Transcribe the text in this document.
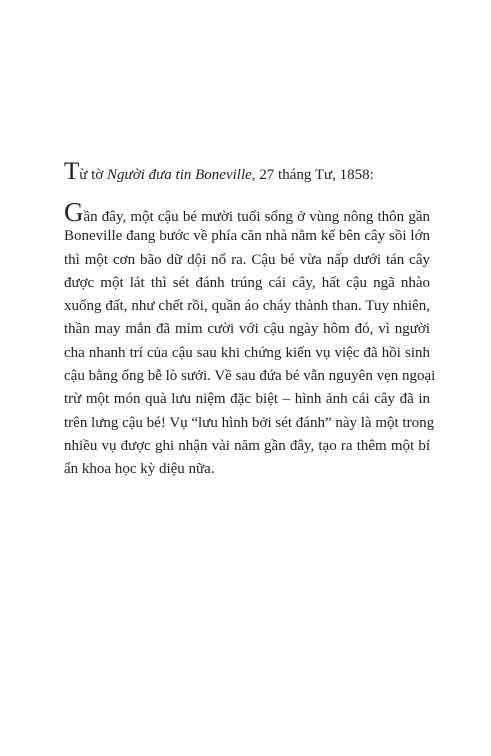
Từ tờ Người đưa tin Boneville, 27 tháng Tư, 1858:

Gần đây, một cậu bé mười tuổi sống ở vùng nông thôn gần
Boneville đang bước về phía căn nhà nằm kế bên cây sồi lớn
thì một cơn bão dữ dội nổ ra. Cậu bé vừa nấp dưới tán cây
được một lát thì sét đánh trúng cái cây, hất cậu ngã nhào
xuống đất, như chết rồi, quần áo cháy thành than. Tuy nhiên,
thần may mắn đã mỉm cười với cậu ngày hôm đó, vì người
cha nhanh trí của cậu sau khi chứng kiến vụ việc đã hồi sinh
cậu bằng ống bễ lò sưởi. Về sau đứa bé vẫn nguyên vẹn ngoại
trừ một món quà lưu niệm đặc biệt – hình ảnh cái cây đã in
trên lưng cậu bé! Vụ “lưu hình bởi sét đánh” này là một trong
nhiều vụ được ghi nhận vài năm gần đây, tạo ra thêm một bí
ẩn khoa học kỳ diệu nữa.
